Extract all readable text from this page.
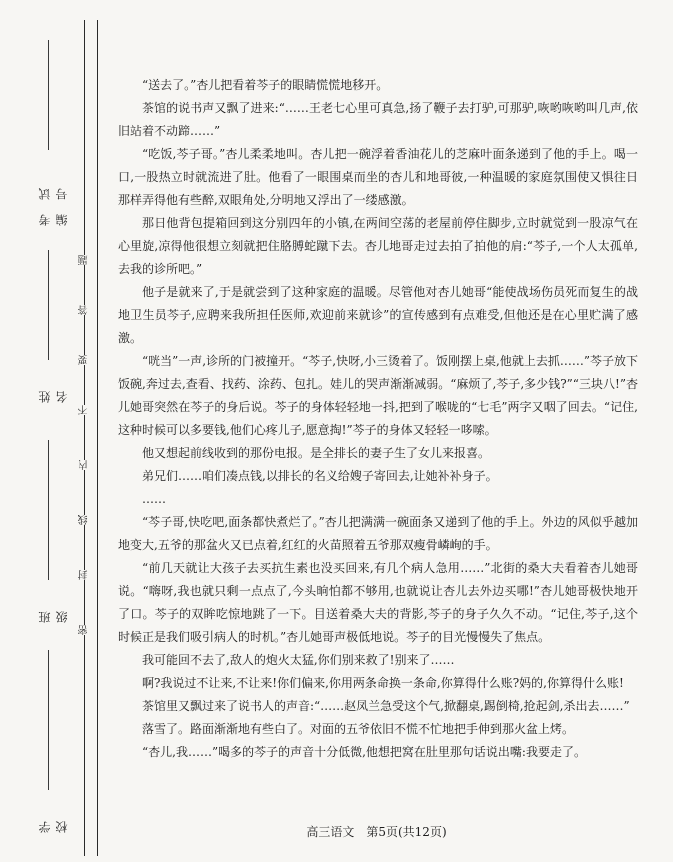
考试编号
姓名
班级
学校
题
答
要
不
内
线
封
密

“送去了。”杏儿把看着芩子的眼睛慌慌地移开。

茶馆的说书声又飘了进来:“……王老七心里可真急,扬了鞭子去打驴,可那驴,咴哟咴哟叫几声,依旧站着不动蹄……”

“吃饭,芩子哥。”杏儿柔柔地叫。杏儿把一碗浮着香油花儿的芝麻叶面条递到了他的手上。喝一口,一股热立时就流进了肚。他看了一眼围桌而坐的杏儿和地哥彼,一种温暖的家庭氛围使又惧往日那样弄得他有些醉,双眼角处,分明地又浮出了一缕感激。

那日他背包提箱回到这分别四年的小镇,在两间空荡的老屋前停住脚步,立时就觉到一股凉气在心里旋,凉得他很想立刻就把住胳膊蛇蹴下去。杏儿地哥走过去拍了拍他的肩:“芩子,一个人太孤单,去我的诊所吧。”

他子是就来了,于是就尝到了这种家庭的温暖。尽管他对杏儿她哥“能使战场伤员死而复生的战地卫生员芩子,应聘来我所担任医师,欢迎前来就诊”的宣传感到有点难受,但他还是在心里贮满了感激。

“咣当”一声,诊所的门被撞开。“芩子,快呀,小三烫着了。饭刚摆上桌,他就上去抓……”芩子放下饭碗,奔过去,查看、找药、涂药、包扎。娃儿的哭声渐渐减弱。“麻烦了,芩子,多少钱?”“三块八!”杏儿她哥突然在芩子的身后说。芩子的身体轻轻地一抖,把到了喉咙的“七毛”两字又咽了回去。“记住,这种时候可以多要钱,他们心疼儿子,愿意掏!”芩子的身体又轻轻一哆嗦。

他又想起前线收到的那份电报。是全排长的妻子生了女儿来报喜。

弟兄们……咱们凑点钱,以排长的名义给嫂子寄回去,让她补补身子。

……

“芩子哥,快吃吧,面条都快煮烂了。”杏儿把满满一碗面条又递到了他的手上。外边的风似乎越加地变大,五爷的那盆火又已点着,红红的火苗照着五爷那双瘦骨嶙峋的手。

“前几天就让大孩子去买抗生素也没买回来,有几个病人急用……”北街的桑大夫看着杏儿她哥说。“嗨呀,我也就只剩一点点了,今头晌怕都不够用,也就说让杏儿去外边买哪!”杏儿她哥极快地开了口。芩子的双眸吃惊地跳了一下。目送着桑大夫的背影,芩子的身子久久不动。“记住,芩子,这个时候正是我们吸引病人的时机。”杏儿她哥声极低地说。芩子的目光慢慢失了焦点。

我可能回不去了,敌人的炮火太猛,你们别来救了!别来了……

啊?我说过不让来,不让来!你们偏来,你用两条命换一条命,你算得什么账?妈的,你算得什么账!

茶馆里又飘过来了说书人的声音:“……赵凤兰急受这个气,掀翻桌,踢倒椅,抢起剑,杀出去……”

落雪了。路面渐渐地有些白了。对面的五爷依旧不慌不忙地把手伸到那火盆上烤。

“杏儿,我……”喝多的芩子的声音十分低微,他想把窝在肚里那句话说出嘴:我要走了。

高三语文　第5页(共12页)
